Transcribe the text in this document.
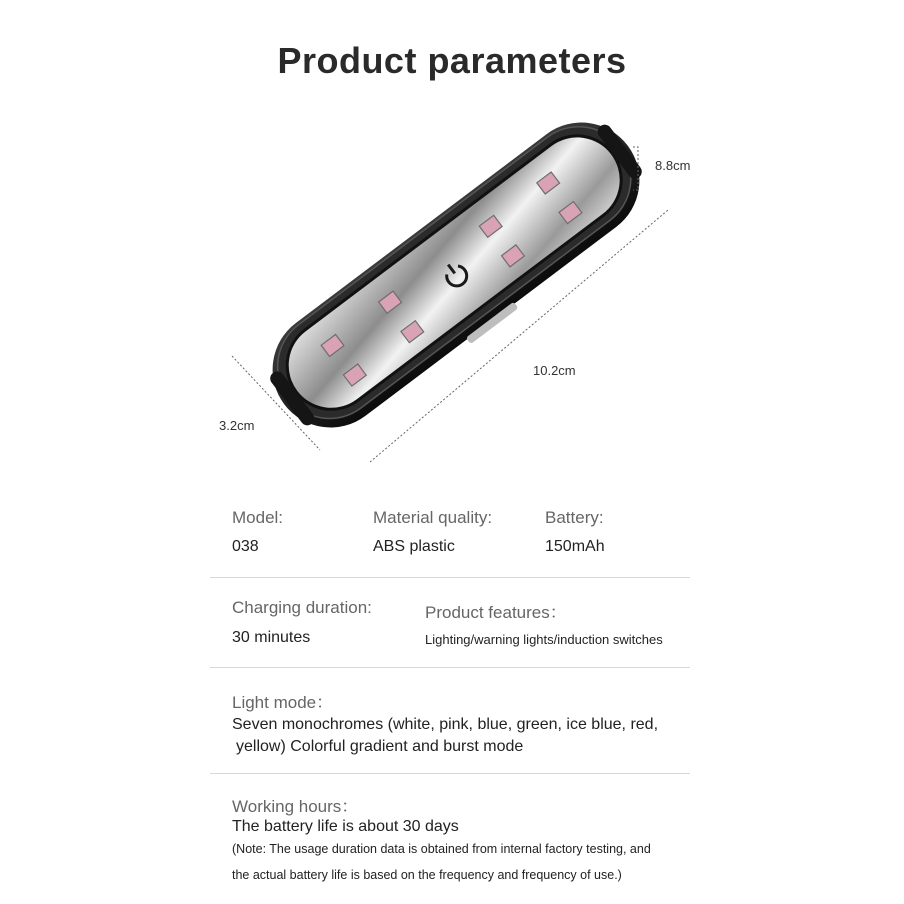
Product parameters
8.8cm
10.2cm
3.2cm
Model:
038
Material quality:
ABS plastic
Battery:
150mAh
Charging duration:
30 minutes
Product features：
Lighting/warning lights/induction switches
Light mode：
Seven monochromes (white, pink, blue, green, ice blue, red,
yellow) Colorful gradient and burst mode
Working hours：
The battery life is about 30 days
(Note: The usage duration data is obtained from internal factory testing, and
the actual battery life is based on the frequency and frequency of use.)
